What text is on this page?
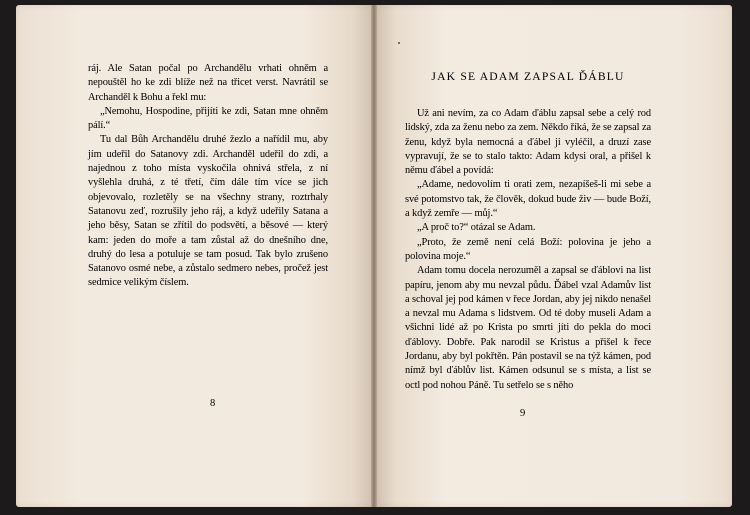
ráj. Ale Satan počal po Archandělu vrhati ohněm a nepouštěl ho ke zdi blíže než na třicet verst. Navrátil se Archanděl k Bohu a řekl mu:

„Nemohu, Hospodine, přijíti ke zdi, Satan mne ohněm pálí.“

Tu dal Bůh Archandělu druhé žezlo a nařídil mu, aby jím udeřil do Satanovy zdi. Archanděl udeřil do zdi, a najednou z toho místa vyskočila ohnivá střela, z ní vyšlehla druhá, z té třetí, čím dále tím více se jich objevovalo, rozletěly se na všechny strany, roztrhaly Satanovu zeď, rozrušily jeho ráj, a když udeřily Satana a jeho běsy, Satan se zřítil do podsvětí, a běsové — který kam: jeden do moře a tam zůstal až do dnešního dne, druhý do lesa a potuluje se tam posud. Tak bylo zrušeno Satanovo osmé nebe, a zůstalo sedmero nebes, pročež jest sedmice velikým číslem.

8
JAK SE ADAM ZAPSAL ĎÁBLU

Už ani nevím, za co Adam ďáblu zapsal sebe a celý rod lidský, zda za ženu nebo za zem. Někdo říká, že se zapsal za ženu, když byla nemocná a ďábel ji vyléčil, a druzí zase vypravují, že se to stalo takto: Adam kdysi oral, a přišel k němu ďábel a povídá:

„Adame, nedovolím ti orati zem, nezapíšeš-li mi sebe a své potomstvo tak, že člověk, dokud bude živ — bude Boží, a když zemře — můj.“

„A proč to?“ otázal se Adam.

„Proto, že země není celá Boží: polovina je jeho a polovina moje.“

Adam tomu docela nerozuměl a zapsal se ďáblovi na list papíru, jenom aby mu nevzal půdu. Ďábel vzal Adamův list a schoval jej pod kámen v řece Jordan, aby jej nikdo nenašel a nevzal mu Adama s lidstvem. Od té doby museli Adam a všichni lidé až po Krista po smrti jíti do pekla do moci ďáblovy. Dobře. Pak narodil se Kristus a přišel k řece Jordanu, aby byl pokřtěn. Pán postavil se na týž kámen, pod nímž byl ďáblův list. Kámen odsunul se s místa, a list se octl pod nohou Páně. Tu setřelo se s něho

9
